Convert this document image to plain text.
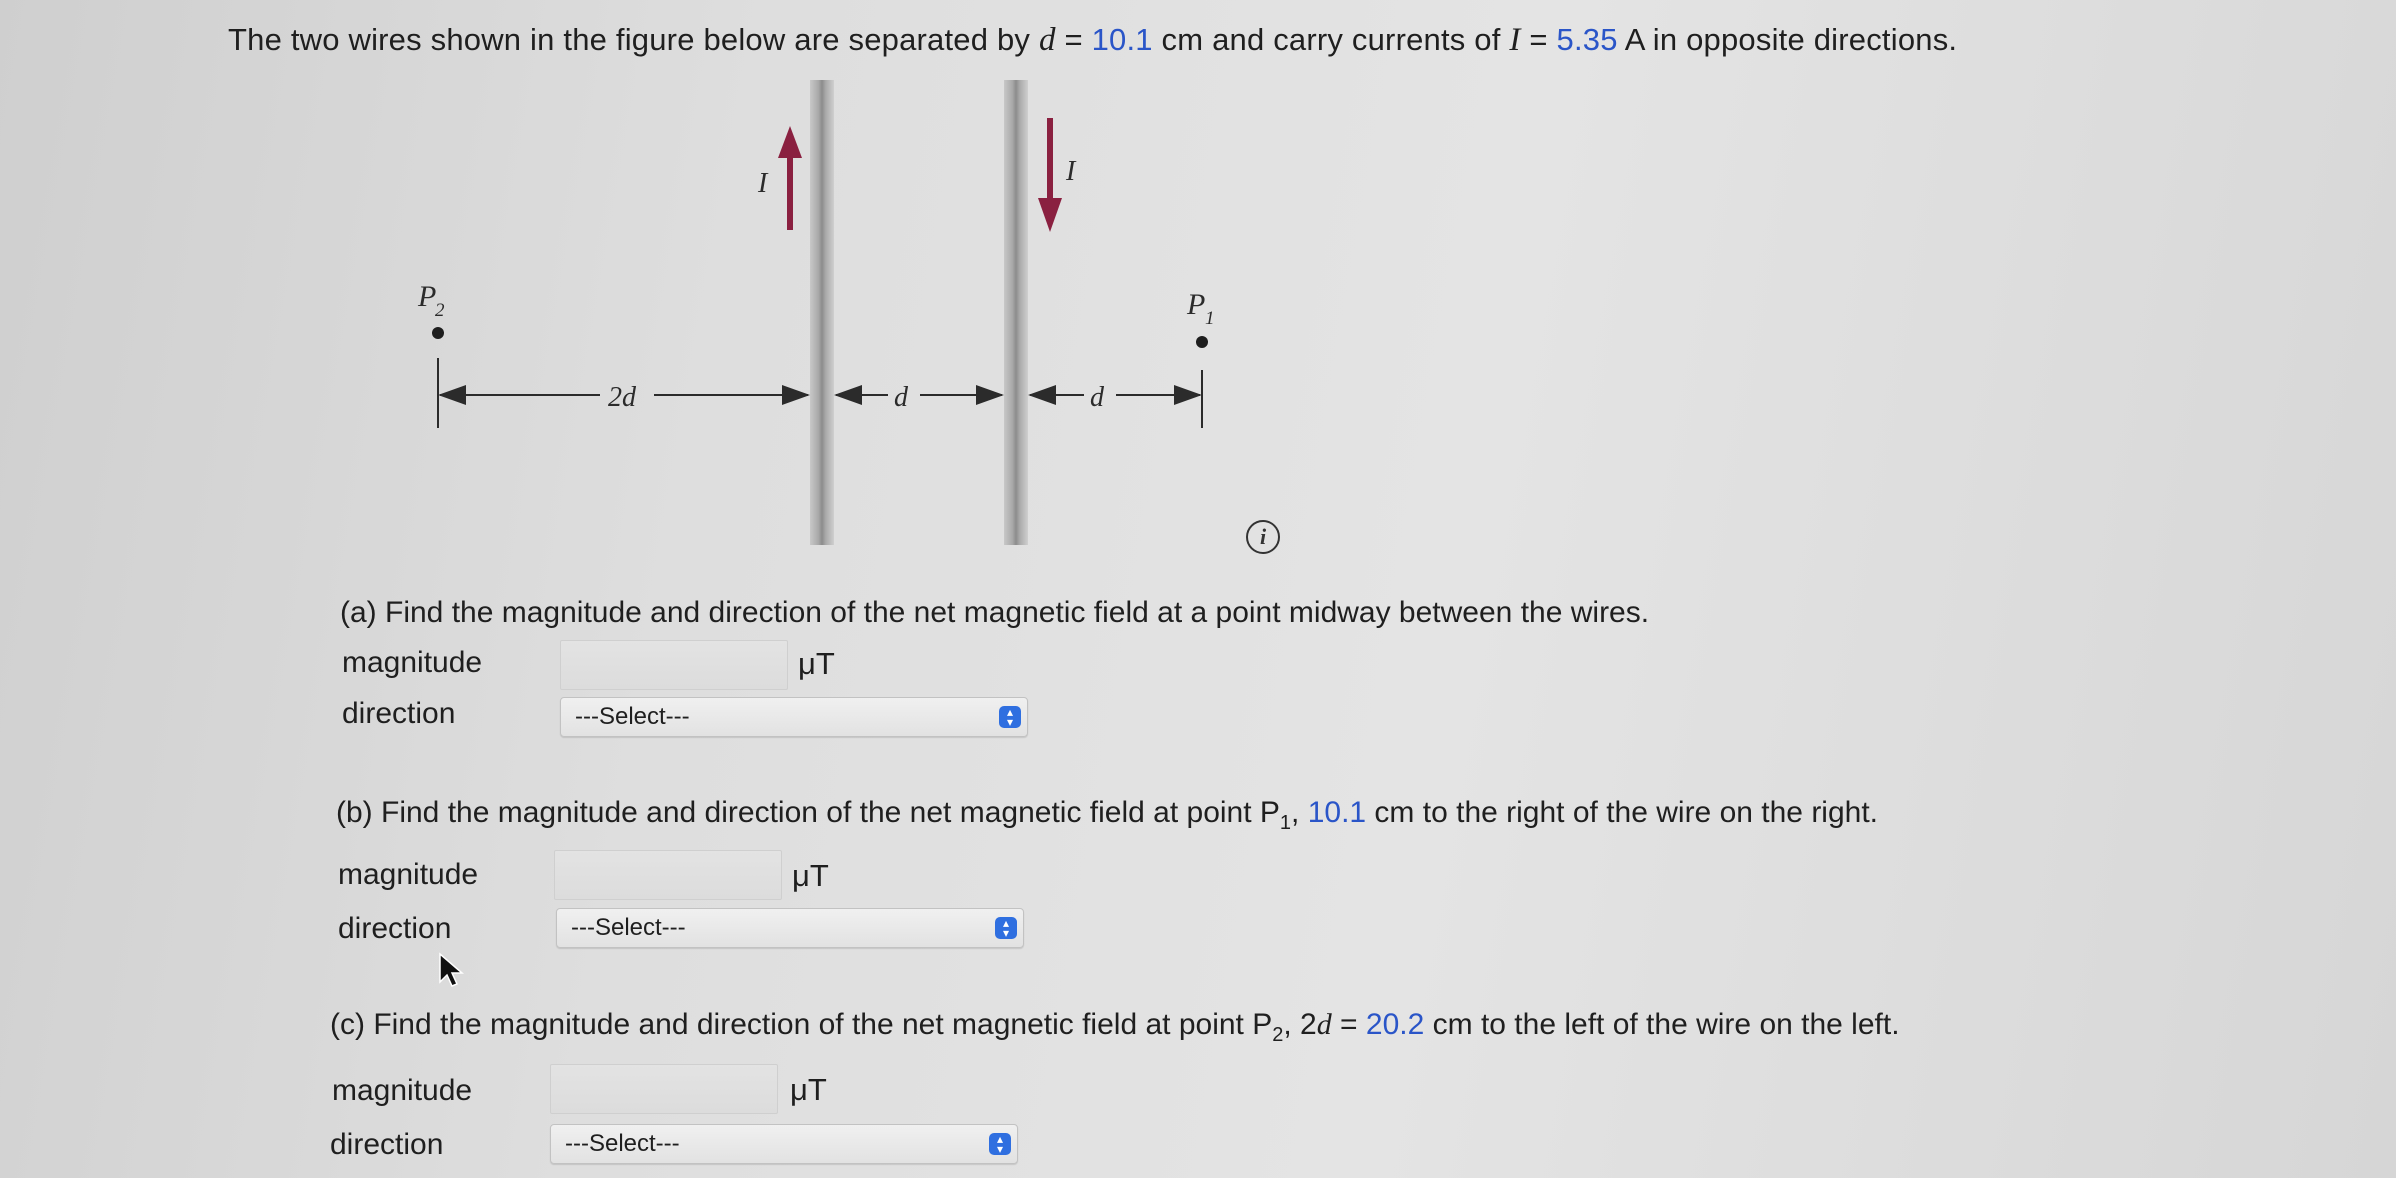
The two wires shown in the figure below are separated by d = 10.1 cm and carry currents of I = 5.35 A in opposite directions.
I	I
P
2	P 1
2d	d	d
i
(a) Find the magnitude and direction of the net magnetic field at a point midway between the wires.
magnitude	μT
direction	---Select---	▴
▾
(b) Find the magnitude and direction of the net magnetic field at point $P_1$, 10.1 cm to the right of the wire on the right.
magnitude	μT
direction	---Select---	▴
▾
(c) Find the magnitude and direction of the net magnetic field at point $P_2$, 2d = 20.2 cm to the left of the wire on the left.
magnitude	μT
direction	---Select---	▴
▾
